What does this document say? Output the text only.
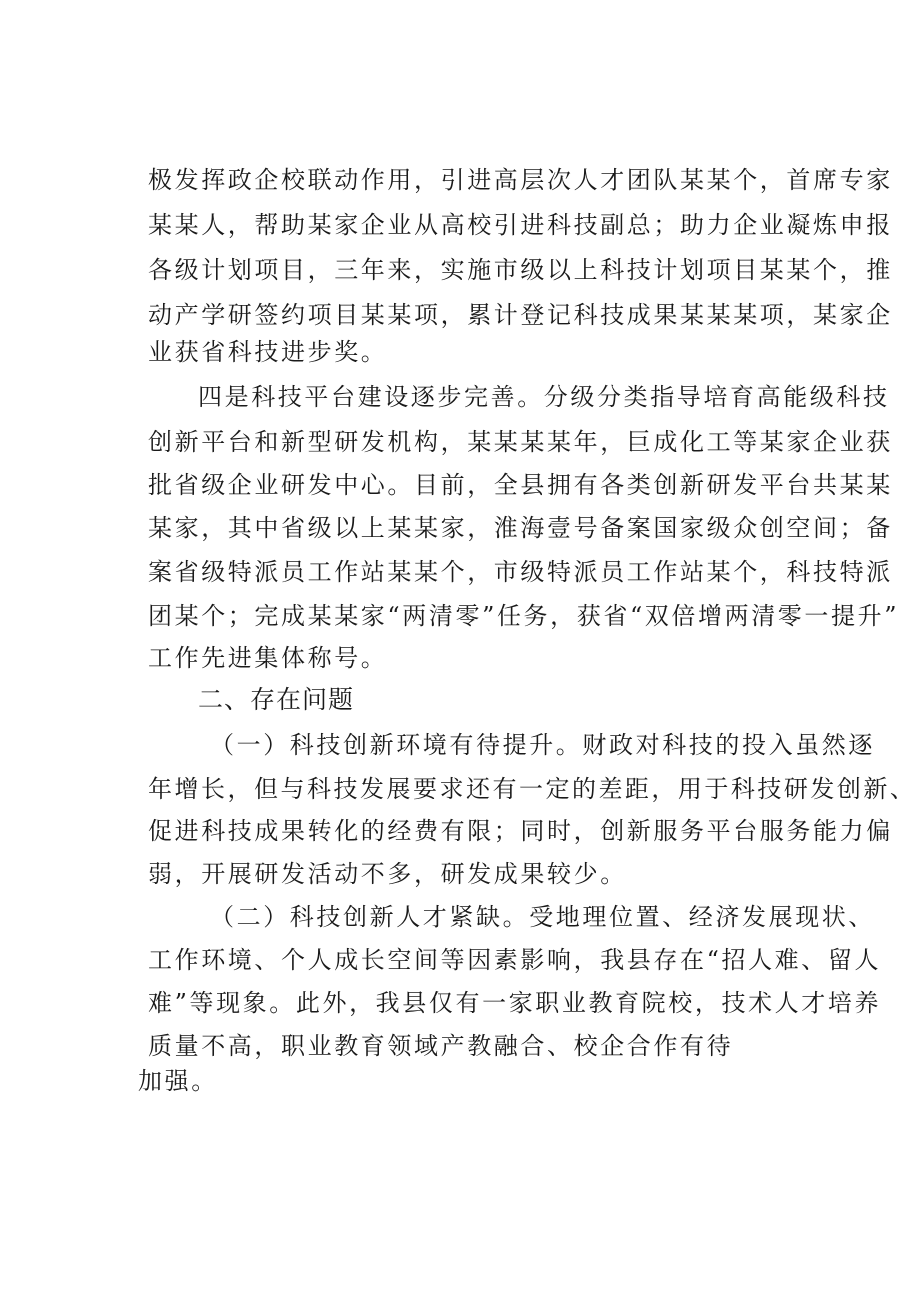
极发挥政企校联动作用，引进高层次人才团队某某个，首席专家
某某人，帮助某家企业从高校引进科技副总；助力企业凝炼申报
各级计划项目，三年来，实施市级以上科技计划项目某某个，推
动产学研签约项目某某项，累计登记科技成果某某某项，某家企
业获省科技进步奖。
四是科技平台建设逐步完善。分级分类指导培育高能级科技
创新平台和新型研发机构，某某某某年，巨成化工等某家企业获
批省级企业研发中心。目前，全县拥有各类创新研发平台共某某
某家，其中省级以上某某家，淮海壹号备案国家级众创空间；备
案省级特派员工作站某某个，市级特派员工作站某个，科技特派
团某个；完成某某家“两清零”任务，获省“双倍增两清零一提升”
工作先进集体称号。
二、存在问题
（一）科技创新环境有待提升。财政对科技的投入虽然逐
年增长，但与科技发展要求还有一定的差距，用于科技研发创新、
促进科技成果转化的经费有限；同时，创新服务平台服务能力偏
弱，开展研发活动不多，研发成果较少。
（二）科技创新人才紧缺。受地理位置、经济发展现状、
工作环境、个人成长空间等因素影响，我县存在“招人难、留人
难”等现象。此外，我县仅有一家职业教育院校，技术人才培养
质量不高，职业教育领域产教融合、校企合作有待
加强。
